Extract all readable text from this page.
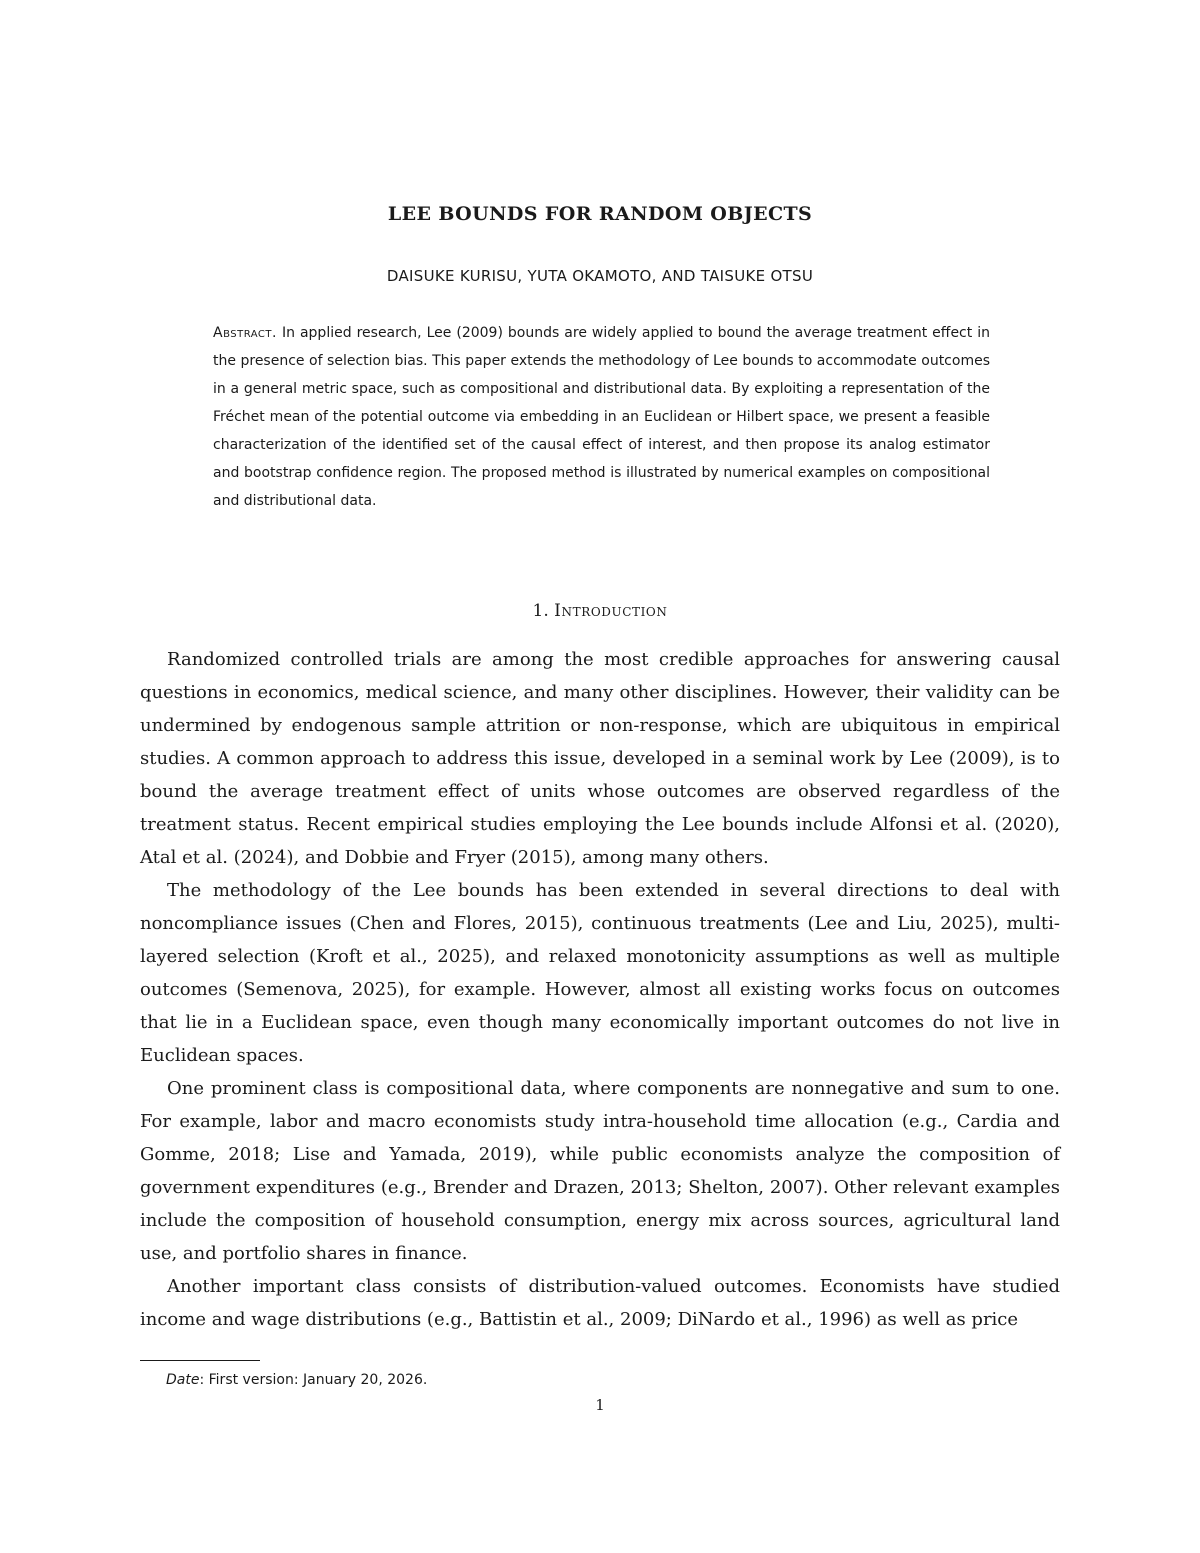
LEE BOUNDS FOR RANDOM OBJECTS
DAISUKE KURISU, YUTA OKAMOTO, AND TAISUKE OTSU

Abstract. In applied research, Lee (2009) bounds are widely applied to bound the average treatment effect in the presence of selection bias. This paper extends the methodology of Lee bounds to accommodate outcomes in a general metric space, such as compositional and distributional data. By exploiting a representation of the Fréchet mean of the potential outcome via embedding in an Euclidean or Hilbert space, we present a feasible characterization of the identified set of the causal effect of interest, and then propose its analog estimator and bootstrap confidence region. The proposed method is illustrated by numerical examples on compositional and distributional data.

1. Introduction

Randomized controlled trials are among the most credible approaches for answering causal questions in economics, medical science, and many other disciplines. However, their validity can be undermined by endogenous sample attrition or non-response, which are ubiquitous in empirical studies. A common approach to address this issue, developed in a seminal work by Lee (2009), is to bound the average treatment effect of units whose outcomes are observed regardless of the treatment status. Recent empirical studies employing the Lee bounds include Alfonsi et al. (2020), Atal et al. (2024), and Dobbie and Fryer (2015), among many others.

The methodology of the Lee bounds has been extended in several directions to deal with noncompliance issues (Chen and Flores, 2015), continuous treatments (Lee and Liu, 2025), multi-layered selection (Kroft et al., 2025), and relaxed monotonicity assumptions as well as multiple outcomes (Semenova, 2025), for example. However, almost all existing works focus on outcomes that lie in a Euclidean space, even though many economically important outcomes do not live in Euclidean spaces.

One prominent class is compositional data, where components are nonnegative and sum to one. For example, labor and macro economists study intra-household time allocation (e.g., Cardia and Gomme, 2018; Lise and Yamada, 2019), while public economists analyze the composition of government expenditures (e.g., Brender and Drazen, 2013; Shelton, 2007). Other relevant examples include the composition of household consumption, energy mix across sources, agricultural land use, and portfolio shares in finance.

Another important class consists of distribution-valued outcomes. Economists have studied income and wage distributions (e.g., Battistin et al., 2009; DiNardo et al., 1996) as well as price

Date: First version: January 20, 2026.
1
